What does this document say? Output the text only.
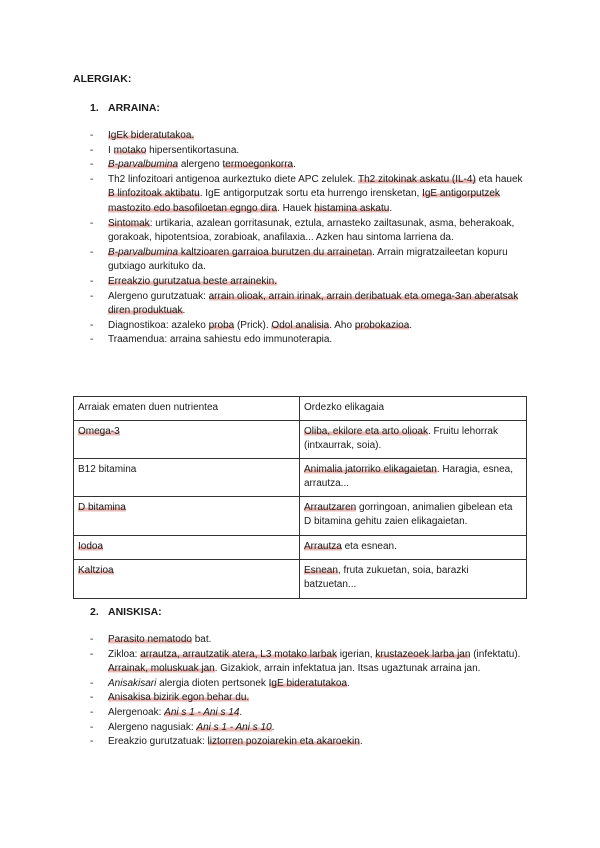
ALERGIAK:
1. ARRAINA:
- IgEk bideratutakoa.
- I motako hipersentikortasuna.
- B-parvalbumina alergeno termoegonkorra.
- Th2 linfozitoari antigenoa aurkeztuko diete APC zelulek. Th2 zitokinak askatu (IL-4) eta hauek B linfozitoak aktibatu. IgE antigorputzak sortu eta hurrengo irensketan, IgE antigorputzek mastozito edo basofiloetan egngo dira. Hauek histamina askatu.
- Sintomak: urtikaria, azalean gorritasunak, eztula, arnasteko zailtasunak, asma, beherakoak, gorakoak, hipotentsioa, zorabioak, anafilaxia... Azken hau sintoma larriena da.
- B-parvalbumina kaltzioaren garraioa burutzen du arrainetan. Arrain migratzaileetan kopuru gutxiago aurkituko da.
- Erreakzio gurutzatua beste arrainekin.
- Alergeno gurutzatuak: arrain olioak, arrain irinak, arrain deribatuak eta omega-3an aberatsak diren produktuak.
- Diagnostikoa: azaleko proba (Prick). Odol analisia. Aho probokazioa.
- Traamendua: arraina sahiestu edo immunoterapia.
Arraiak ematen duen nutrientea	Ordezko elikagaia
Omega-3	Oliba, ekilore eta arto olioak. Fruitu lehorrak (intxaurrak, soia).
B12 bitamina	Animalia jatorriko elikagaietan. Haragia, esnea, arrautza...
D bitamina	Arrautzaren gorringoan, animalien gibelean eta D bitamina gehitu zaien elikagaietan.
Iodoa	Arrautza eta esnean.
Kaltzioa	Esnean, fruta zukuetan, soia, barazki batzuetan...
2. ANISKISA:
- Parasito nematodo bat.
- Zikloa: arrautza, arrautzatik atera, L3 motako larbak igerian, krustazeoek larba jan (infektatu). Arrainak, moluskuak jan. Gizakiok, arrain infektatua jan. Itsas ugaztunak arraina jan.
- Anisakisari alergia dioten pertsonek IgE bideratutakoa.
- Anisakisa bizirik egon behar du.
- Alergenoak: Ani s 1 - Ani s 14.
- Alergeno nagusiak: Ani s 1 - Ani s 10.
- Ereakzio gurutzatuak: liztorren pozoiarekin eta akaroekin.
